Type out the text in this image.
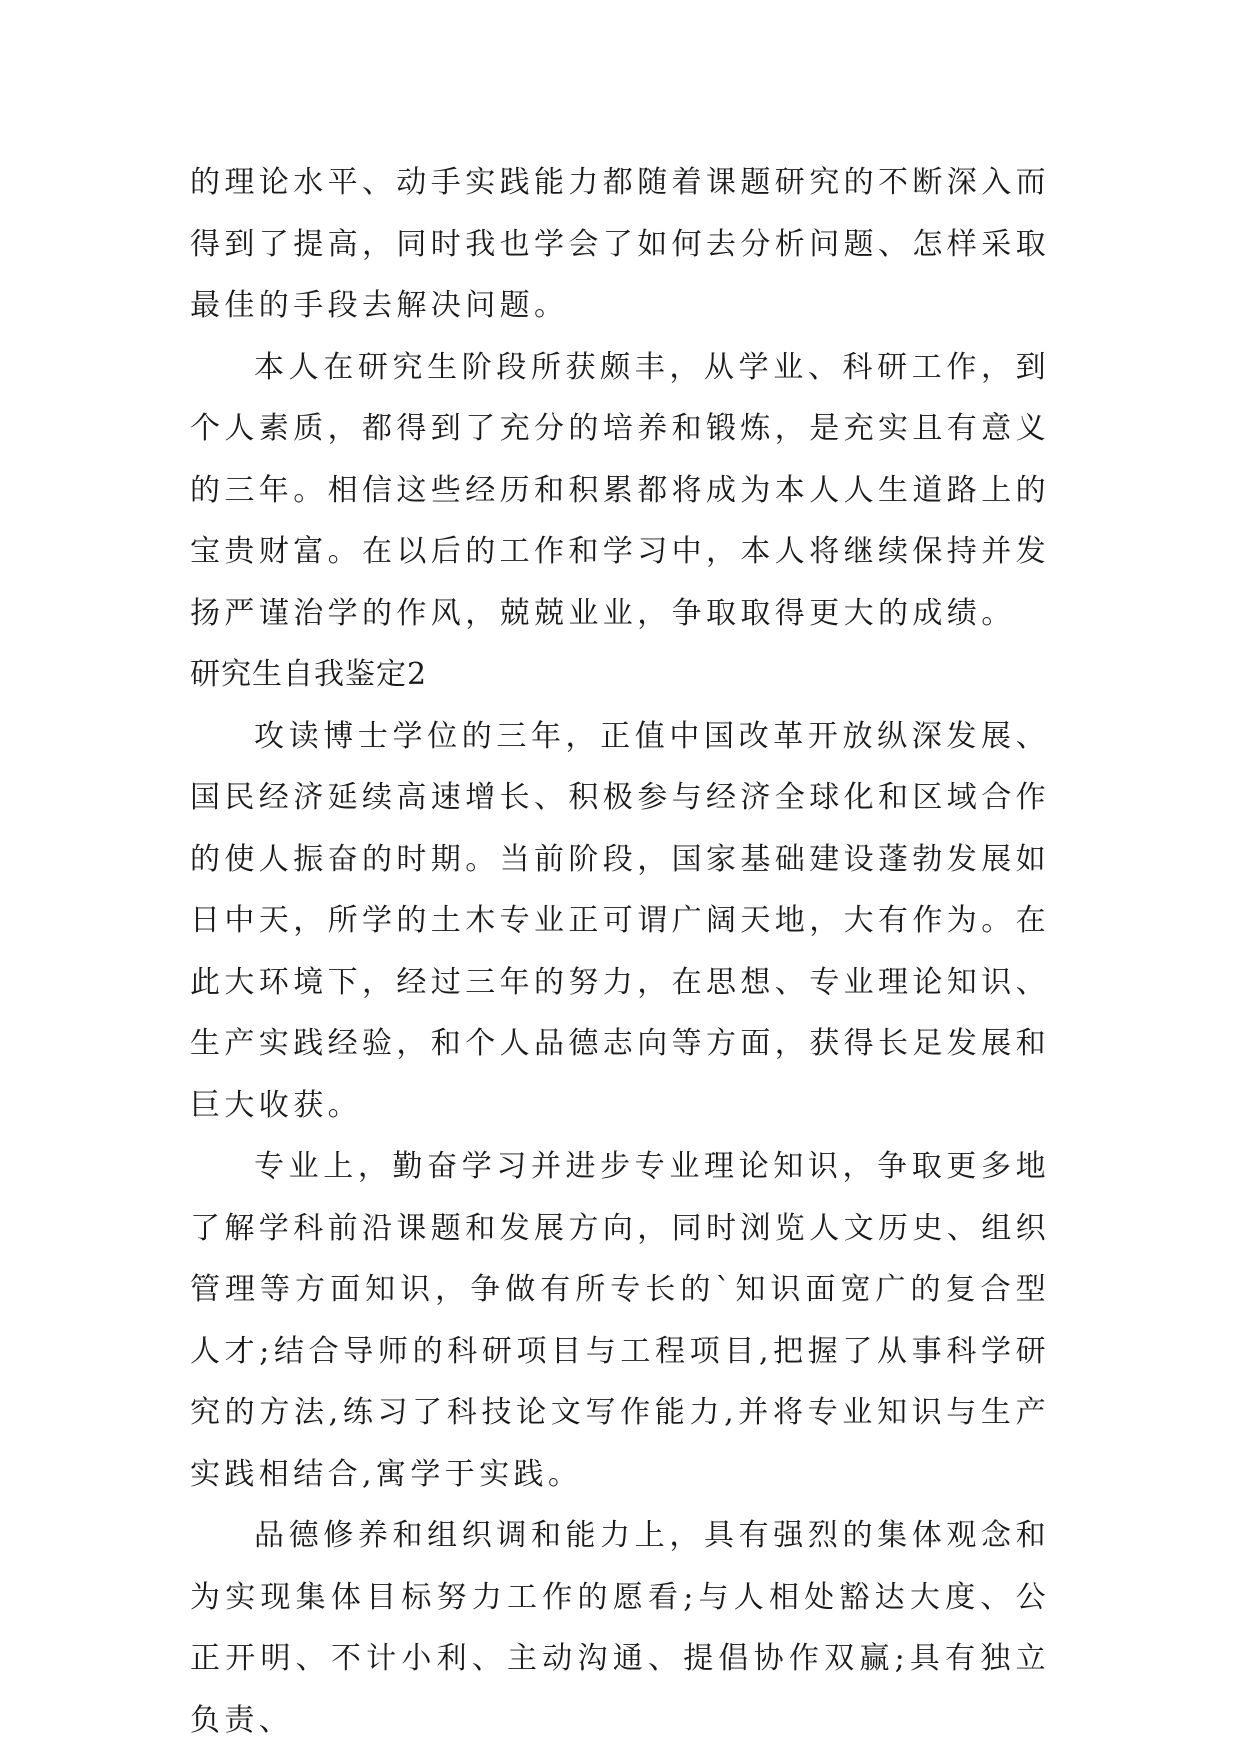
的理论水平、动手实践能力都随着课题研究的不断深入而得到了提高，同时我也学会了如何去分析问题、怎样采取最佳的手段去解决问题。

本人在研究生阶段所获颇丰，从学业、科研工作，到个人素质，都得到了充分的培养和锻炼，是充实且有意义的三年。相信这些经历和积累都将成为本人人生道路上的宝贵财富。在以后的工作和学习中，本人将继续保持并发扬严谨治学的作风，兢兢业业，争取取得更大的成绩。

研究生自我鉴定2

攻读博士学位的三年，正值中国改革开放纵深发展、国民经济延续高速增长、积极参与经济全球化和区域合作的使人振奋的时期。当前阶段，国家基础建设蓬勃发展如日中天，所学的土木专业正可谓广阔天地，大有作为。在此大环境下，经过三年的努力，在思想、专业理论知识、生产实践经验，和个人品德志向等方面，获得长足发展和巨大收获。

专业上，勤奋学习并进步专业理论知识，争取更多地了解学科前沿课题和发展方向，同时浏览人文历史、组织管理等方面知识，争做有所专长的`知识面宽广的复合型人才;结合导师的科研项目与工程项目,把握了从事科学研究的方法,练习了科技论文写作能力,并将专业知识与生产实践相结合,寓学于实践。

品德修养和组织调和能力上，具有强烈的集体观念和为实现集体目标努力工作的愿看;与人相处豁达大度、公正开明、不计小利、主动沟通、提倡协作双赢;具有独立负责、
